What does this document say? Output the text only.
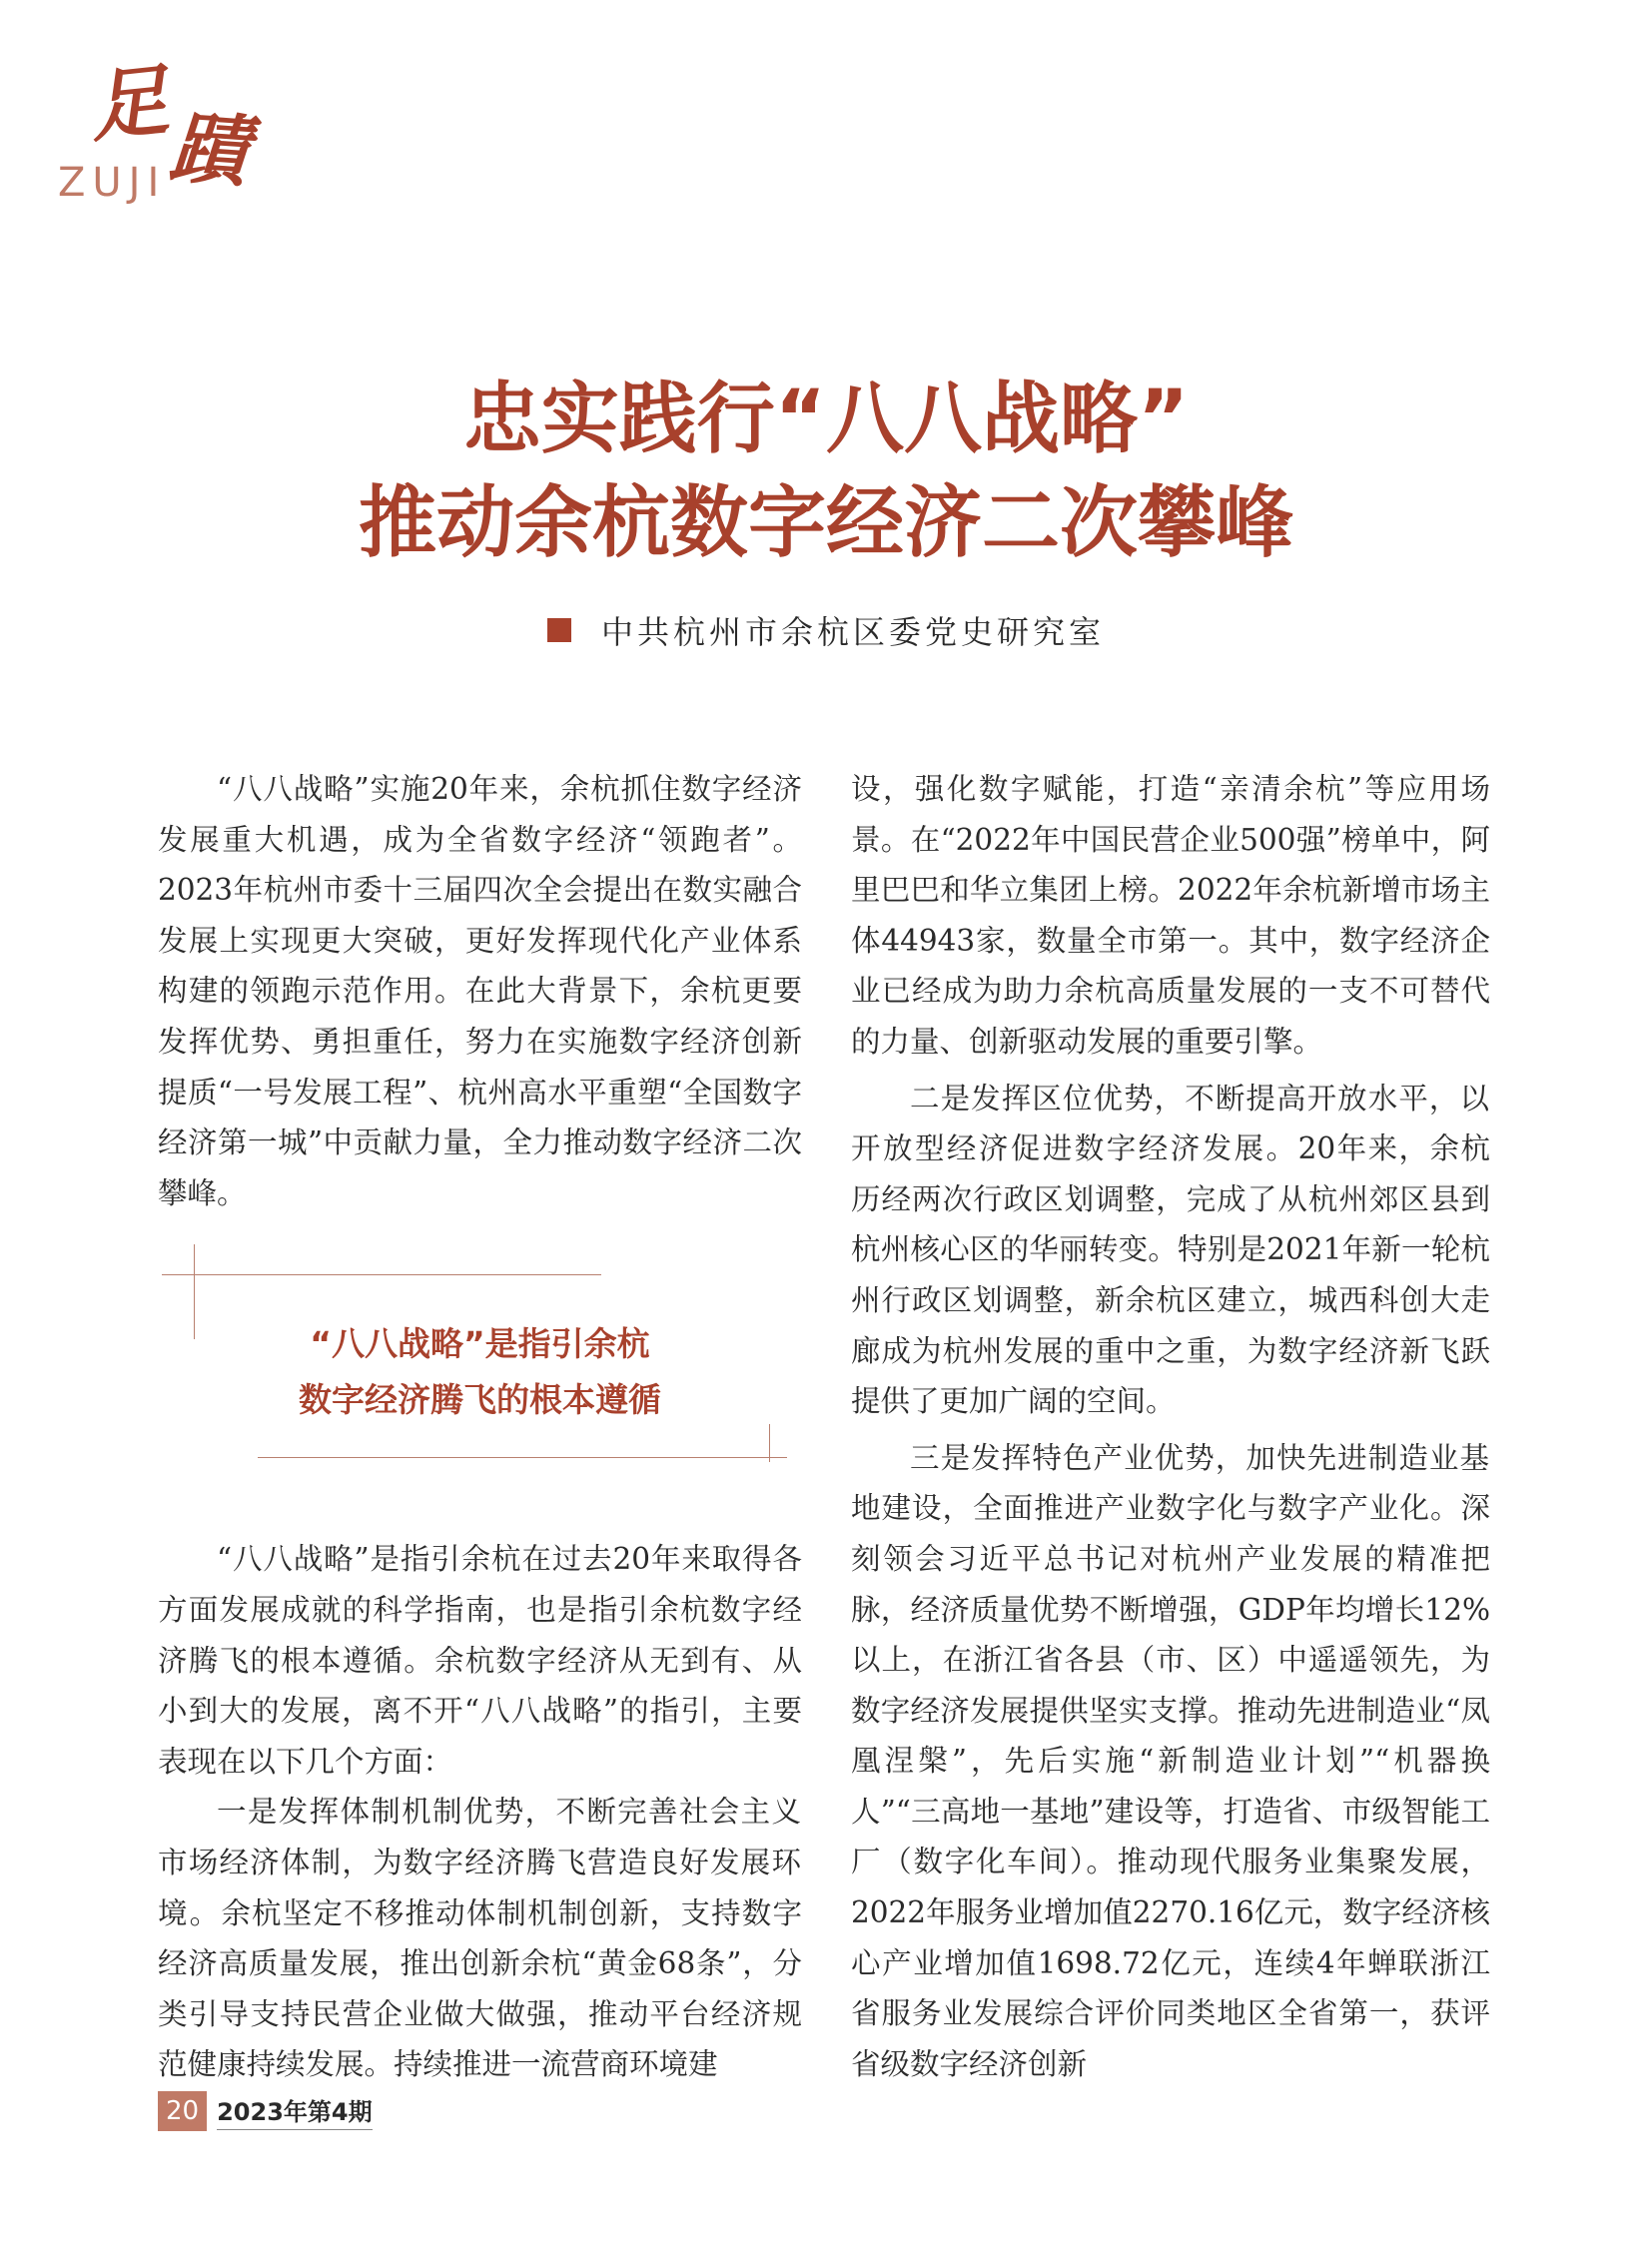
足
蹟
ZUJI

忠实践行“八八战略”

推动余杭数字经济二次攀峰

中共杭州市余杭区委党史研究室

“八八战略”实施20年来，余杭抓住数字经济发展重大机遇，成为全省数字经济“领跑者”。2023年杭州市委十三届四次全会提出在数实融合发展上实现更大突破，更好发挥现代化产业体系构建的领跑示范作用。在此大背景下，余杭更要发挥优势、勇担重任，努力在实施数字经济创新提质“一号发展工程”、杭州高水平重塑“全国数字经济第一城”中贡献力量，全力推动数字经济二次攀峰。

“八八战略”是指引余杭
数字经济腾飞的根本遵循

“八八战略”是指引余杭在过去20年来取得各方面发展成就的科学指南，也是指引余杭数字经济腾飞的根本遵循。余杭数字经济从无到有、从小到大的发展，离不开“八八战略”的指引，主要表现在以下几个方面：

一是发挥体制机制优势，不断完善社会主义市场经济体制，为数字经济腾飞营造良好发展环境。余杭坚定不移推动体制机制创新，支持数字经济高质量发展，推出创新余杭“黄金68条”，分类引导支持民营企业做大做强，推动平台经济规范健康持续发展。持续推进一流营商环境建

设，强化数字赋能，打造“亲清余杭”等应用场景。在“2022年中国民营企业500强”榜单中，阿里巴巴和华立集团上榜。2022年余杭新增市场主体44943家，数量全市第一。其中，数字经济企业已经成为助力余杭高质量发展的一支不可替代的力量、创新驱动发展的重要引擎。

二是发挥区位优势，不断提高开放水平，以开放型经济促进数字经济发展。20年来，余杭历经两次行政区划调整，完成了从杭州郊区县到杭州核心区的华丽转变。特别是2021年新一轮杭州行政区划调整，新余杭区建立，城西科创大走廊成为杭州发展的重中之重，为数字经济新飞跃提供了更加广阔的空间。

三是发挥特色产业优势，加快先进制造业基地建设，全面推进产业数字化与数字产业化。深刻领会习近平总书记对杭州产业发展的精准把脉，经济质量优势不断增强，GDP年均增长12%以上，在浙江省各县（市、区）中遥遥领先，为数字经济发展提供坚实支撑。推动先进制造业“凤凰涅槃”，先后实施“新制造业计划”“机器换人”“三高地一基地”建设等，打造省、市级智能工厂（数字化车间）。推动现代服务业集聚发展，2022年服务业增加值2270.16亿元，数字经济核心产业增加值1698.72亿元，连续4年蝉联浙江省服务业发展综合评价同类地区全省第一，获评省级数字经济创新

20 2023年第4期
